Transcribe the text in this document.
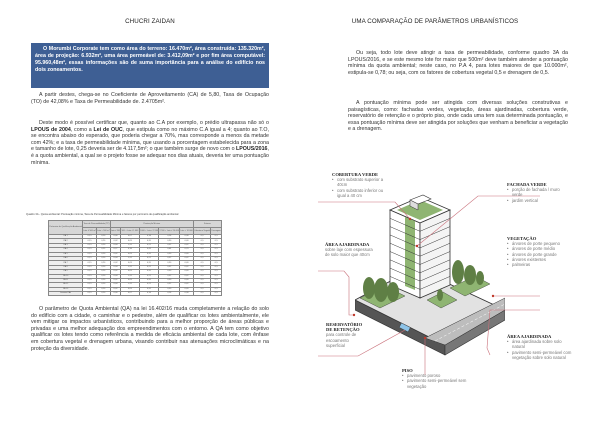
CHUCRI ZAIDAN
O Morumbi Corporate tem como área do terreno: 16.470m², área construída: 135.320m², área de projeção: 6.932m², uma área permeável de: 3.412,09m² e por fim área computável: 95.960,48m², essas informações são de suma importância para a análise do edifício nos dois zoneamentos.
A partir destes, chega-se no Coeficiente de Aproveitamento (CA) de 5,80, Taxa de Ocupação (TO) de 42,08% e Taxa de Permeabilidade de. 2.4705m².
Deste modo é possível certificar que, quanto ao C.A por exemplo, o prédio ultrapassa não só o LPOUS de 2004, como a Lei de OUC, que estipula como no máximo C.A igual a 4; quanto ao T.O, se encontra abaixo do esperado, que poderia chegar a 70%, mas corresponde a menos da metade com 42%; e a taxa de permeabilidade mínima, que usando a porcentagem estabelecida para a zona e tamanho de lote, 0,25 deveria ser de 4.117,5m²; o que também surge de novo com o LPOUS/2016, é a quota ambiental, a qual se o projeto fosse se adequar nos dias atuais, deveria ter uma pontuação mínima.
Quadro 3A - Quota ambiental: Pontuação mínima, Taxa de Permeabilidade Mínima e fatores por perímetro de qualificação ambiental
Perímetro de Qualificação Ambiental	Taxa de Permeabilidade (TP)		Pontuação Mínima					Fatores	
	Lote ≤ 500 m²	Lote > 500 m²	Lote ≤ 500	500 < Lote ≤ 1.000	1.000 < Lote ≤ 2.500	2.500 < Lote ≤ 10.000	Lote > 10.000	Cobertura Vegetal	Drenagem
PA 1	0,15	0,20	0,00	0,07	0,18	0,28	0,38	0,5	0,5
PA 2	0,15	0,20	0,02	0,09	0,20	0,30	0,40	0,5	0,5
PA 3	0,15	0,20	0,04	0,11	0,22	0,32	0,42	0,5	0,5
PA 4	0,15	0,25	0,27	0,38	0,49	0,64	0,78	0,5	0,5
PA 5	0,15	0,20	0,02	0,09	0,20	0,30	0,40	0,5	0,5
PA 6	0,15	0,20	0,04	0,11	0,22	0,32	0,42	0,5	0,5
PA 7	0,15	0,20	0,02	0,09	0,20	0,30	0,40	0,5	0,5
PA 8	0,15	0,20	0,04	0,11	0,22	0,32	0,42	0,5	0,5
PA 9	0,15	0,20	0,02	0,09	0,20	0,30	0,40	0,5	0,5
PA 10	0,15	0,20	0,04	0,11	0,22	0,32	0,42	0,5	0,5
PA 11	0,15	0,20	0,02	0,09	0,20	0,30	0,40	0,5	0,5
PA 12	0,15	0,20	0,04	0,11	0,22	0,32	0,42	0,5	0,5
PA 13	0,15	0,20	0,02	0,09	0,20	0,30	0,40	0,5	0,5
Demais PAs	0,15	0,20	0,00	0,07	0,18	0,28	0,38	0,5	0,5
O parâmetro de Quota Ambiental (QA) na lei 16.402/16 muda completamente a relação do solo do edifício com a cidade, o caminhar e o pedestre, além de qualificar os lotes ambientalmente, ele vem mitigar os impactos urbanísticos, contribuindo para a melhor proporção de áreas públicas e privadas e uma melhor adequação dos empreendimentos com o entorno. A QA tem como objetivo qualificar os lotes tendo como referência a medida de eficácia ambiental de cada lote, com ênfase em cobertura vegetal e drenagem urbana, visando contribuir nas atenuações microclimáticas e na proteção da diversidade.
UMA COMPARAÇÃO DE PARÂMETROS URBANÍSTICOS
Ou seja, todo lote deve atingir a taxa de permeabilidade, conforme quadro 3A da LPOUS/2016, e se este mesmo lote for maior que 500m² deve também atender a pontuação mínima da quota ambiental; neste caso, no P.A 4, para lotes maiores de que 10.000m², estipula-se 0,78; ou seja, com os fatores de cobertura vegetal 0,5 e drenagem de 0,5.
A pontuação mínima pode ser atingida com diversas soluções construtivas e paisagísticas, como: fachadas verdes, vegetação, áreas ajardinadas, cobertura verde, reservatório de retenção e o próprio piso, onde cada uma tem sua determinada pontuação, e essa pontuação mínima deve ser atingida por soluções que venham a beneficiar a vegetação e a drenagem.
COBERTURA VERDE
• com substrato superior a 40cm
• com substrato inferior ou igual a 40 cm
FACHADA VERDE
• porção de fachada / muro verde
• jardim vertical
ÁREA AJARDINADA
sobre laje com espessura de solo maior que 40cm
VEGETAÇÃO
• árvores de porte pequeno
• árvores de porte médio
• árvores de porte grande
• árvores existentes
• palmeiras
RESERVATÓRIO DE RETENÇÃO
para controle de escoamento superficial
ÁREA AJARDINADA
• área ajardinada sobre solo natural
• pavimento semi-permeável com vegetação sobre solo natural
PISO
• pavimento poroso
• pavimento semi-permeável sem vegetação
